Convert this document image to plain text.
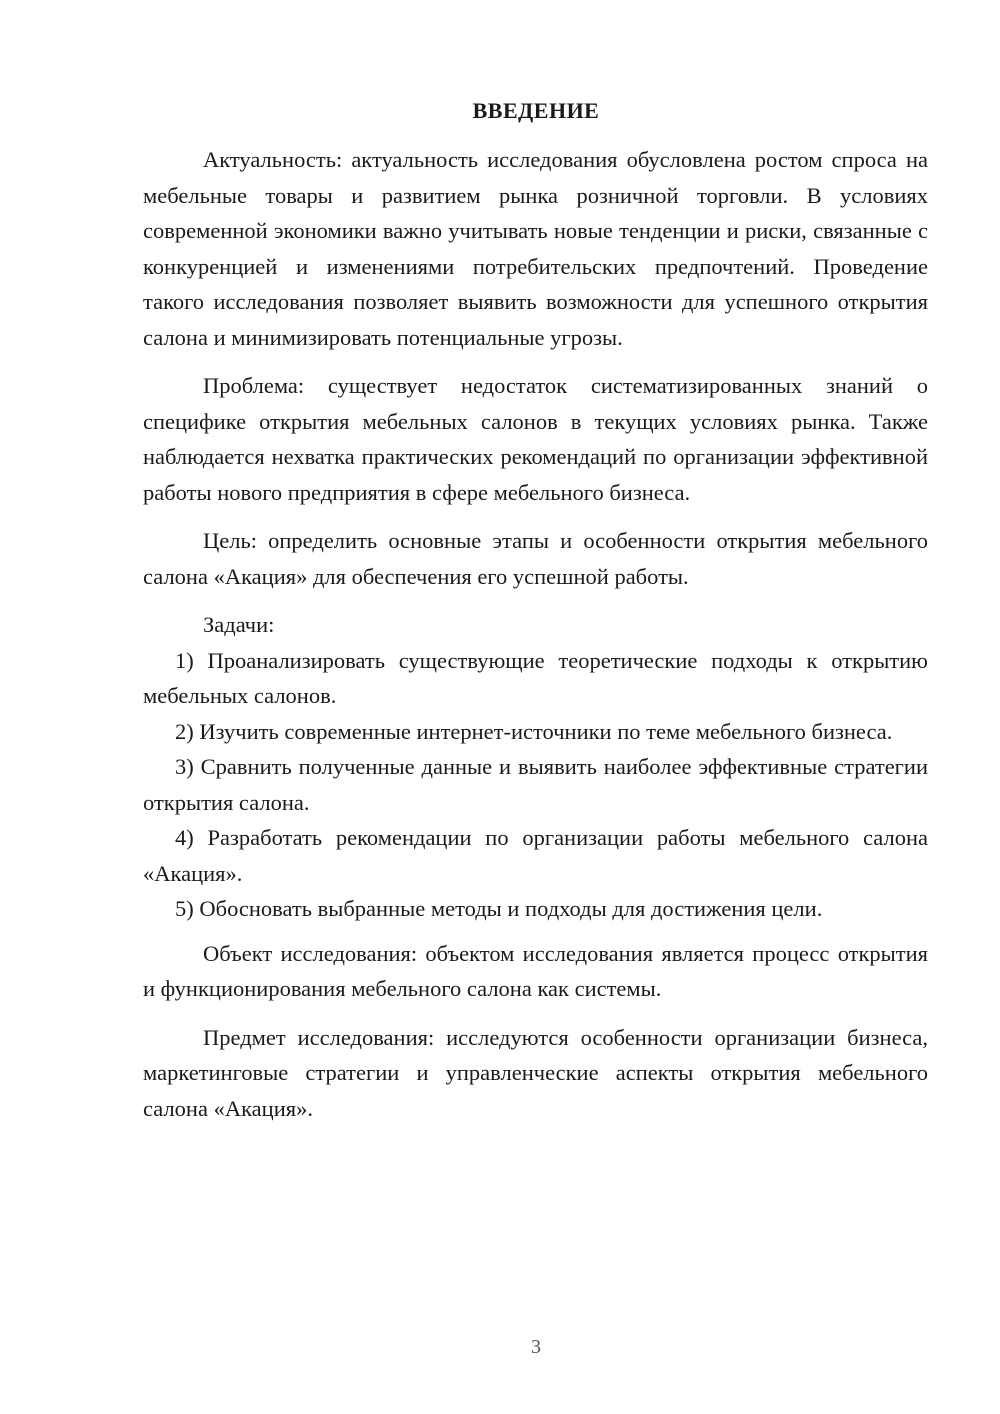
ВВЕДЕНИЕ

Актуальность: актуальность исследования обусловлена ростом спроса на мебельные товары и развитием рынка розничной торговли. В условиях современной экономики важно учитывать новые тенденции и риски, связанные с конкуренцией и изменениями потребительских предпочтений. Проведение такого исследования позволяет выявить возможности для успешного открытия салона и минимизировать потенциальные угрозы.

Проблема: существует недостаток систематизированных знаний о специфике открытия мебельных салонов в текущих условиях рынка. Также наблюдается нехватка практических рекомендаций по организации эффективной работы нового предприятия в сфере мебельного бизнеса.

Цель: определить основные этапы и особенности открытия мебельного салона «Акация» для обеспечения его успешной работы.

Задачи:

1) Проанализировать существующие теоретические подходы к открытию мебельных салонов.

2) Изучить современные интернет-источники по теме мебельного бизнеса.

3) Сравнить полученные данные и выявить наиболее эффективные стратегии открытия салона.

4) Разработать рекомендации по организации работы мебельного салона «Акация».

5) Обосновать выбранные методы и подходы для достижения цели.

Объект исследования: объектом исследования является процесс открытия и функционирования мебельного салона как системы.

Предмет исследования: исследуются особенности организации бизнеса, маркетинговые стратегии и управленческие аспекты открытия мебельного салона «Акация».

3
